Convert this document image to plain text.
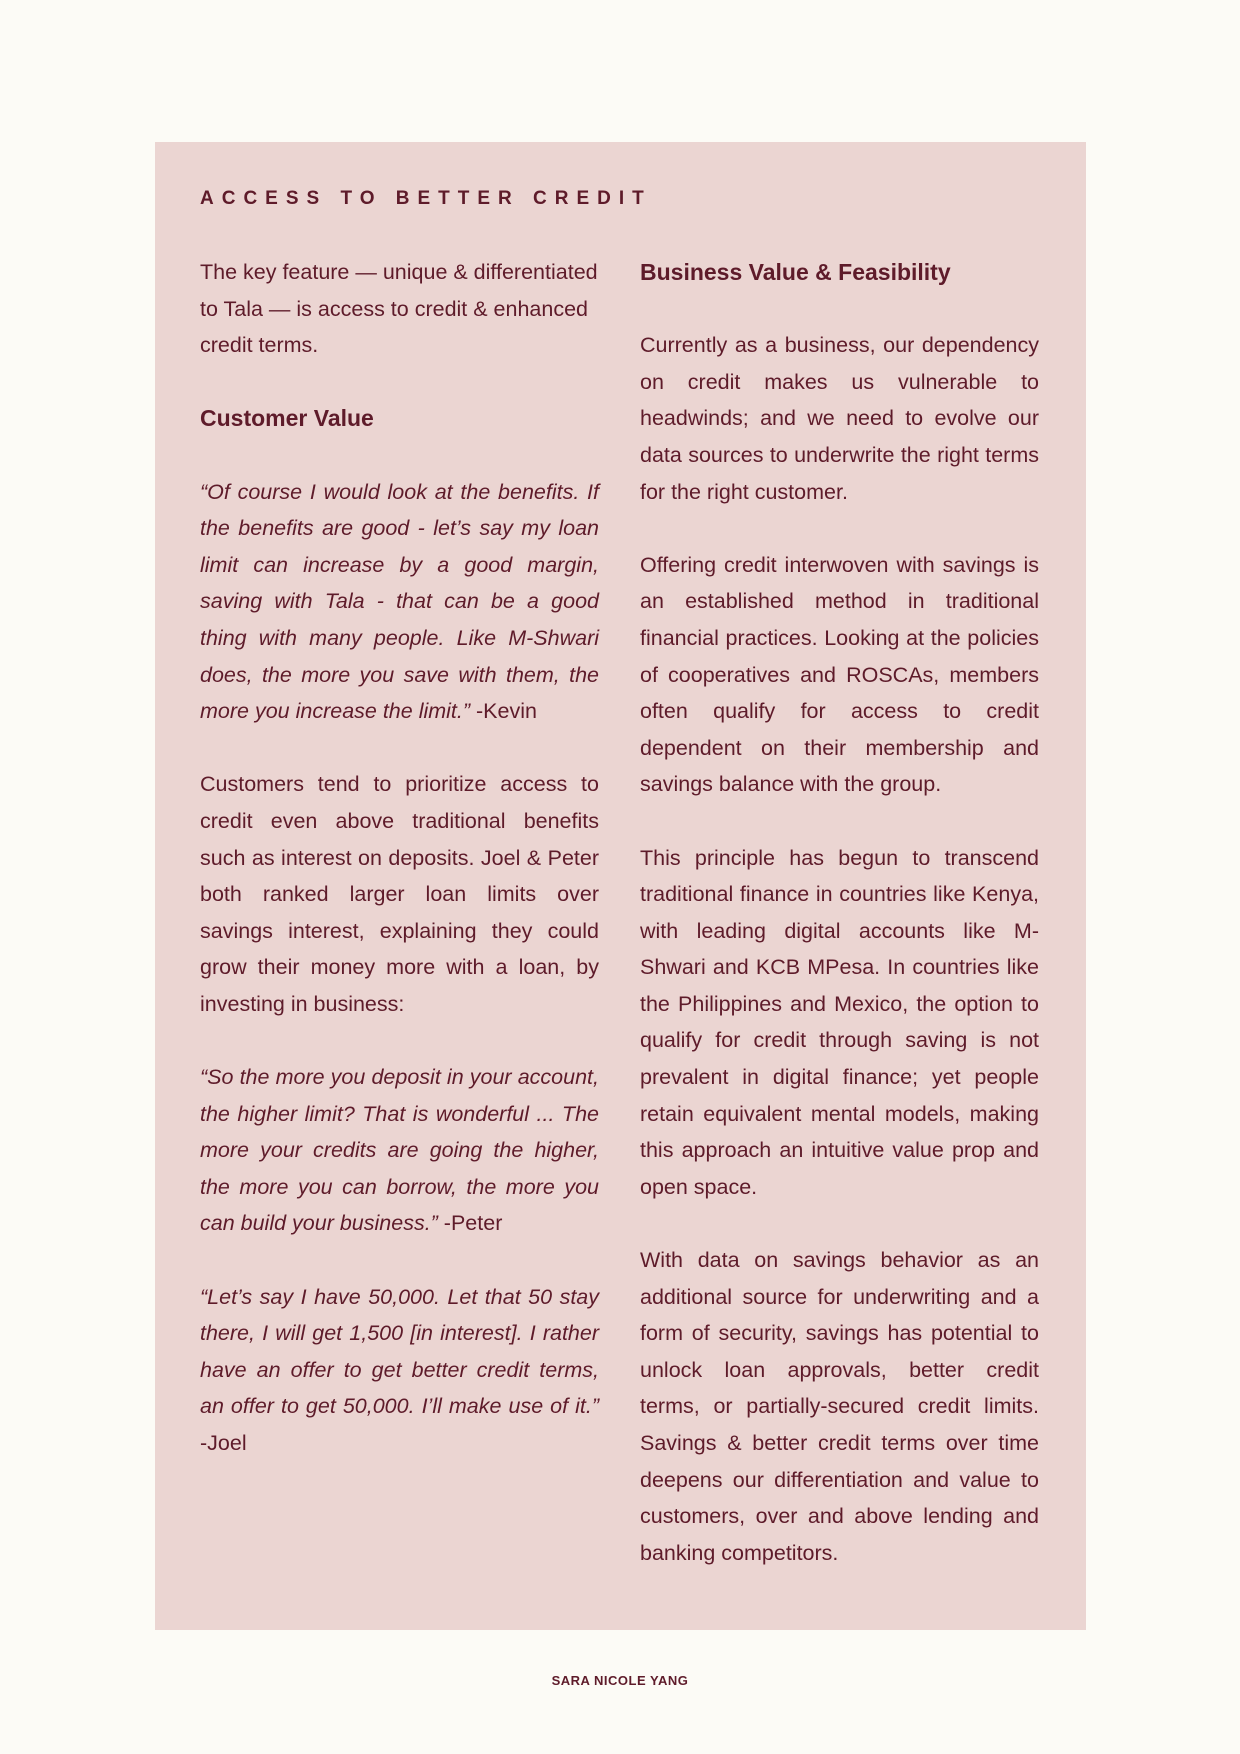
ACCESS TO BETTER CREDIT

The key feature — unique & differentiated to Tala — is access to credit & enhanced credit terms.

Customer Value

“Of course I would look at the benefits. If the benefits are good - let’s say my loan limit can increase by a good margin, saving with Tala - that can be a good thing with many people. Like M-Shwari does, the more you save with them, the more you increase the limit.” -Kevin

Customers tend to prioritize access to credit even above traditional benefits such as interest on deposits. Joel & Peter both ranked larger loan limits over savings interest, explaining they could grow their money more with a loan, by investing in business:

“So the more you deposit in your account, the higher limit? That is wonderful ... The more your credits are going the higher, the more you can borrow, the more you can build your business.” -Peter

“Let’s say I have 50,000. Let that 50 stay there, I will get 1,500 [in interest]. I rather have an offer to get better credit terms, an offer to get 50,000. I’ll make use of it.” -Joel

Business Value & Feasibility

Currently as a business, our dependency on credit makes us vulnerable to headwinds; and we need to evolve our data sources to underwrite the right terms for the right customer.

Offering credit interwoven with savings is an established method in traditional financial practices. Looking at the policies of cooperatives and ROSCAs, members often qualify for access to credit dependent on their membership and savings balance with the group.

This principle has begun to transcend traditional finance in countries like Kenya, with leading digital accounts like M-Shwari and KCB MPesa. In countries like the Philippines and Mexico, the option to qualify for credit through saving is not prevalent in digital finance; yet people retain equivalent mental models, making this approach an intuitive value prop and open space.

With data on savings behavior as an additional source for underwriting and a form of security, savings has potential to unlock loan approvals, better credit terms, or partially-secured credit limits. Savings & better credit terms over time deepens our differentiation and value to customers, over and above lending and banking competitors.

SARA NICOLE YANG
